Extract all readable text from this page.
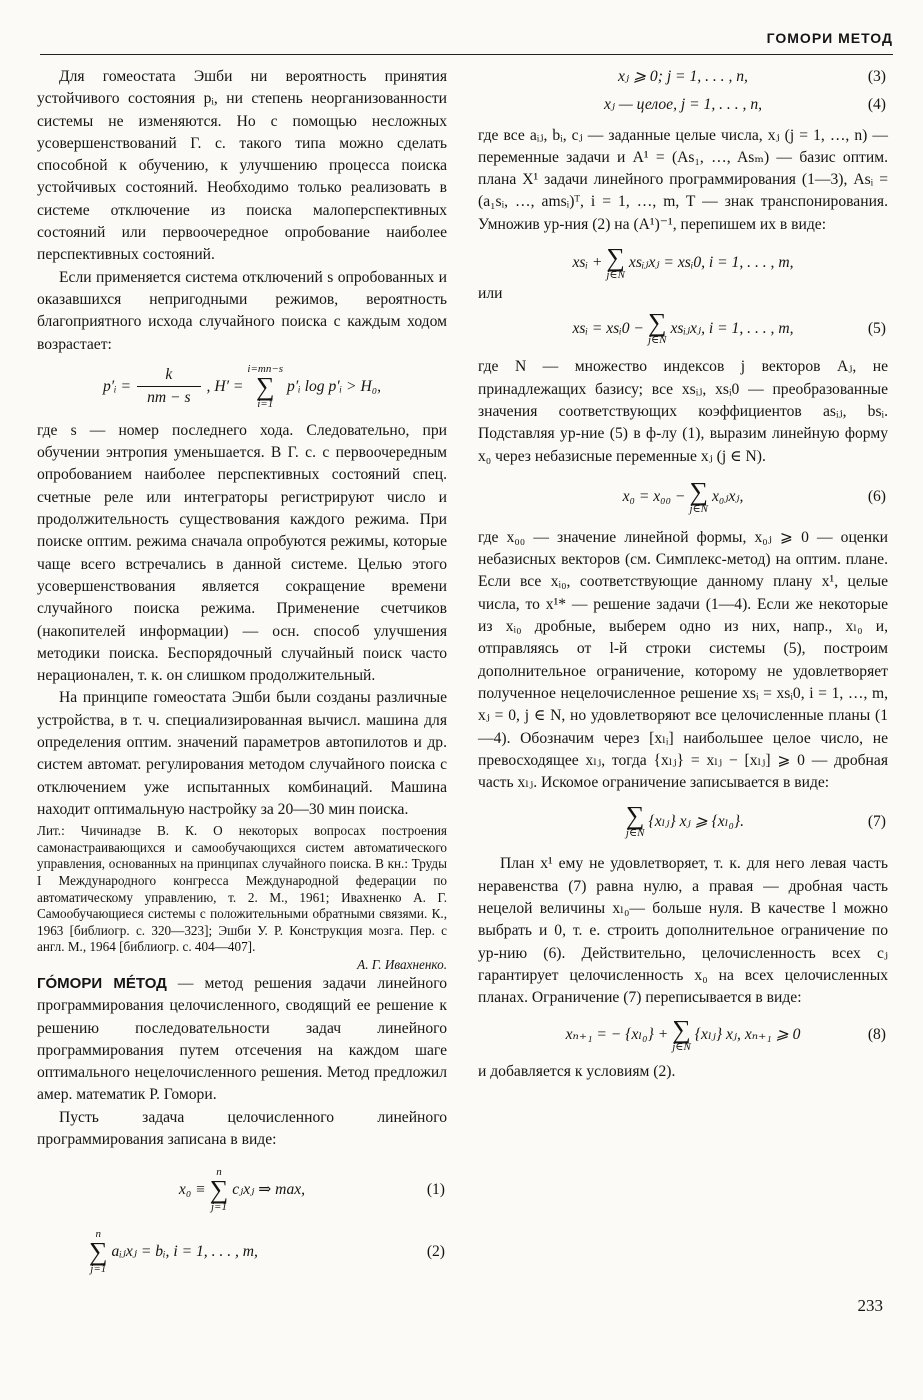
ГОМОРИ МЕТОД

Для гомеостата Эшби ни вероятность принятия устойчивого состояния pᵢ, ни степень неорганизованности системы не изменяются. Но с помощью несложных усовершенствований Г. с. такого типа можно сделать способной к обучению, к улучшению процесса поиска устойчивых состояний. Необходимо только реализовать в системе отключение из поиска малоперспективных состояний или первоочередное опробование наиболее перспективных состояний.

Если применяется система отключений s опробованных и оказавшихся непригодными режимов, вероятность благоприятного исхода случайного поиска с каждым ходом возрастает:

p′ᵢ = $\frac{k}{nm - s}$ , H′ =
i=mn−s
∑
i=1
p′ᵢ log p′ᵢ > H₀,

где s — номер последнего хода. Следовательно, при обучении энтропия уменьшается. В Г. с. с первоочередным опробованием наиболее перспективных состояний спец. счетные реле или интеграторы регистрируют число и продолжительность существования каждого режима. При поиске оптим. режима сначала опробуются режимы, которые чаще всего встречались в данной системе. Целью этого усовершенствования является сокращение времени случайного поиска режима. Применение счетчиков (накопителей информации) — осн. способ улучшения методики поиска. Беспорядочный случайный поиск часто нерационален, т. к. он слишком продолжительный.

На принципе гомеостата Эшби были созданы различные устройства, в т. ч. специализированная вычисл. машина для определения оптим. значений параметров автопилотов и др. систем автомат. регулирования методом случайного поиска с отключением уже испытанных комбинаций. Машина находит оптимальную настройку за 20—30 мин поиска.

Лит.: Чичинадзе В. К. О некоторых вопросах построения самонастраивающихся и самообучающихся систем автоматического управления, основанных на принципах случайного поиска. В кн.: Труды I Международного конгресса Международной федерации по автоматическому управлению, т. 2. М., 1961; Ивахненко А. Г. Самообучающиеся системы с положительными обратными связями. К., 1963 [библиогр. с. 320—323]; Эшби У. Р. Конструкция мозга. Пер. с англ. М., 1964 [библиогр. с. 404—407].

А. Г. Ивахненко.

ГÓМОРИ МÉТОД — метод решения задачи линейного программирования целочисленного, сводящий ее решение к решению последовательности задач линейного программирования путем отсечения на каждом шаге оптимального нецелочисленного решения. Метод предложил амер. математик Р. Гомори.

Пусть задача целочисленного линейного программирования записана в виде:

x₀ ≡
n
∑
j=1
cⱼxⱼ ⇒ max,	(1)
n
∑
j=1
aᵢⱼxⱼ = bᵢ, i = 1, . . . , m,	(2)
xⱼ ⩾ 0; j = 1, . . . , n,	(3)
xⱼ — целое, j = 1, . . . , n,	(4)

где все aᵢⱼ, bᵢ, cⱼ — заданные целые числа, xⱼ (j = 1, …, n) — переменные задачи и A¹ = (As₁, …, Asₘ) — базис оптим. плана X¹ задачи линейного программирования (1—3), Asᵢ = (a₁sᵢ, …, amsᵢ)ᵀ, i = 1, …, m, T — знак транспонирования. Умножив ур-ния (2) на (A¹)⁻¹, перепишем их в виде:

xsᵢ + ∑
j∈N
xsᵢⱼxⱼ = xsᵢ0, i = 1, . . . , m,

или

xsᵢ = xsᵢ0 − ∑
j∈N
xsᵢⱼxⱼ, i = 1, . . . , m,	(5)

где N — множество индексов j векторов Aⱼ, не принадлежащих базису; все xsᵢⱼ, xsᵢ0 — преобразованные значения соответствующих коэффициентов asᵢⱼ, bsᵢ. Подставляя ур-ние (5) в ф-лу (1), выразим линейную форму x₀ через небазисные переменные xⱼ (j ∈ N).

x₀ = x₀₀ − ∑
j∈N
x₀ⱼxⱼ,	(6)

где x₀₀ — значение линейной формы, x₀ⱼ ⩾ 0 — оценки небазисных векторов (см. Симплекс-метод) на оптим. плане. Если все xᵢ₀, соответствующие данному плану x¹, целые числа, то x¹* — решение задачи (1—4). Если же некоторые из xᵢ₀ дробные, выберем одно из них, напр., xₗ₀ и, отправляясь от l-й строки системы (5), построим дополнительное ограничение, которому не удовлетворяет полученное нецелочисленное решение xsᵢ = xsᵢ0, i = 1, …, m, xⱼ = 0, j ∈ N, но удовлетворяют все целочисленные планы (1—4). Обозначим через [xₗᵢ] наибольшее целое число, не превосходящее xₗⱼ, тогда {xₗⱼ} = xₗⱼ − [xₗⱼ] ⩾ 0 — дробная часть xₗⱼ. Искомое ограничение записывается в виде:

∑
j∈N
{xₗⱼ} xⱼ ⩾ {xₗ₀}.	(7)

План x¹ ему не удовлетворяет, т. к. для него левая часть неравенства (7) равна нулю, а правая — дробная часть нецелой величины xₗ₀— больше нуля. В качестве l можно выбрать и 0, т. е. строить дополнительное ограничение по ур-нию (6). Действительно, целочисленность всех cⱼ гарантирует целочисленность x₀ на всех целочисленных планах. Ограничение (7) переписывается в виде:

xₙ₊₁ = − {xₗ₀} + ∑
j∈N
{xₗⱼ} xⱼ, xₙ₊₁ ⩾ 0	(8)

и добавляется к условиям (2).

233
